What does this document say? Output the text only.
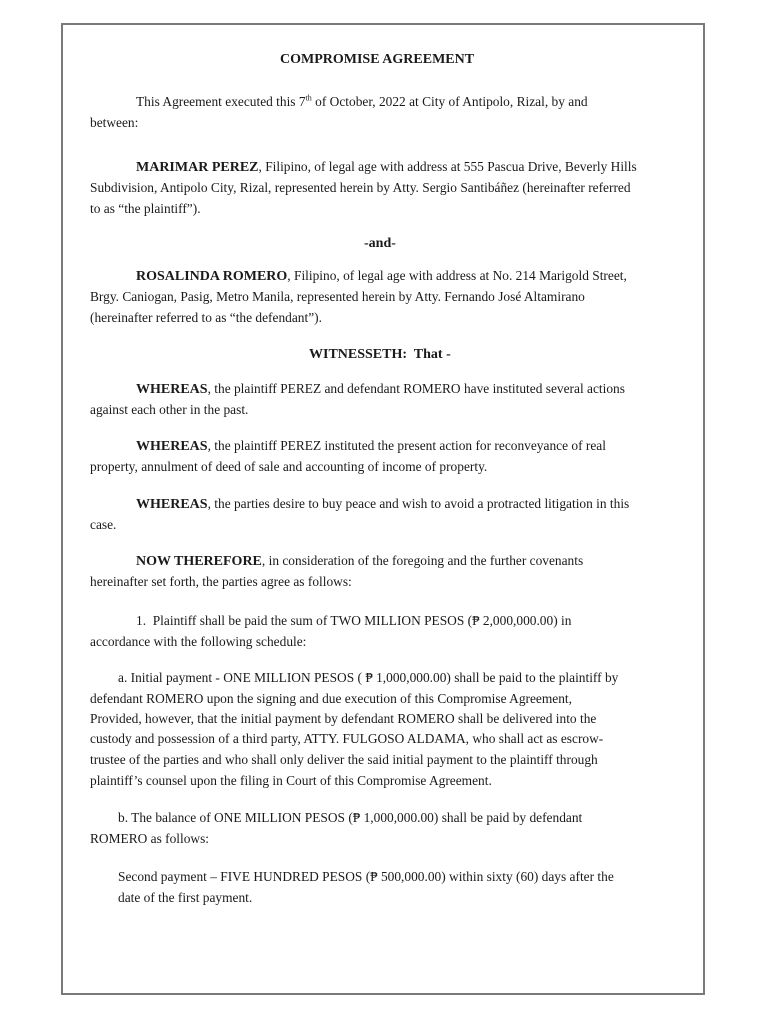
COMPROMISE AGREEMENT

This Agreement executed this 7th of October, 2022 at City of Antipolo, Rizal, by and

between:

MARIMAR PEREZ, Filipino, of legal age with address at 555 Pascua Drive, Beverly Hills

Subdivision, Antipolo City, Rizal, represented herein by Atty. Sergio Santibáñez (hereinafter referred

to as “the plaintiff”).

-and-

ROSALINDA ROMERO, Filipino, of legal age with address at No. 214 Marigold Street,

Brgy. Caniogan, Pasig, Metro Manila, represented herein by Atty. Fernando José Altamirano

(hereinafter referred to as “the defendant”).

WITNESSETH:  That -

WHEREAS, the plaintiff PEREZ and defendant ROMERO have instituted several actions

against each other in the past.

WHEREAS, the plaintiff PEREZ instituted the present action for reconveyance of real

property, annulment of deed of sale and accounting of income of property.

WHEREAS, the parties desire to buy peace and wish to avoid a protracted litigation in this

case.

NOW THEREFORE, in consideration of the foregoing and the further covenants

hereinafter set forth, the parties agree as follows:

1.  Plaintiff shall be paid the sum of TWO MILLION PESOS (₱ 2,000,000.00) in

accordance with the following schedule:

a. Initial payment - ONE MILLION PESOS ( ₱ 1,000,000.00) shall be paid to the plaintiff by

defendant ROMERO upon the signing and due execution of this Compromise Agreement,

Provided, however, that the initial payment by defendant ROMERO shall be delivered into the

custody and possession of a third party, ATTY. FULGOSO ALDAMA, who shall act as escrow-

trustee of the parties and who shall only deliver the said initial payment to the plaintiff through

plaintiff’s counsel upon the filing in Court of this Compromise Agreement.

b. The balance of ONE MILLION PESOS (₱ 1,000,000.00) shall be paid by defendant

ROMERO as follows:

Second payment – FIVE HUNDRED PESOS (₱ 500,000.00) within sixty (60) days after the

date of the first payment.
